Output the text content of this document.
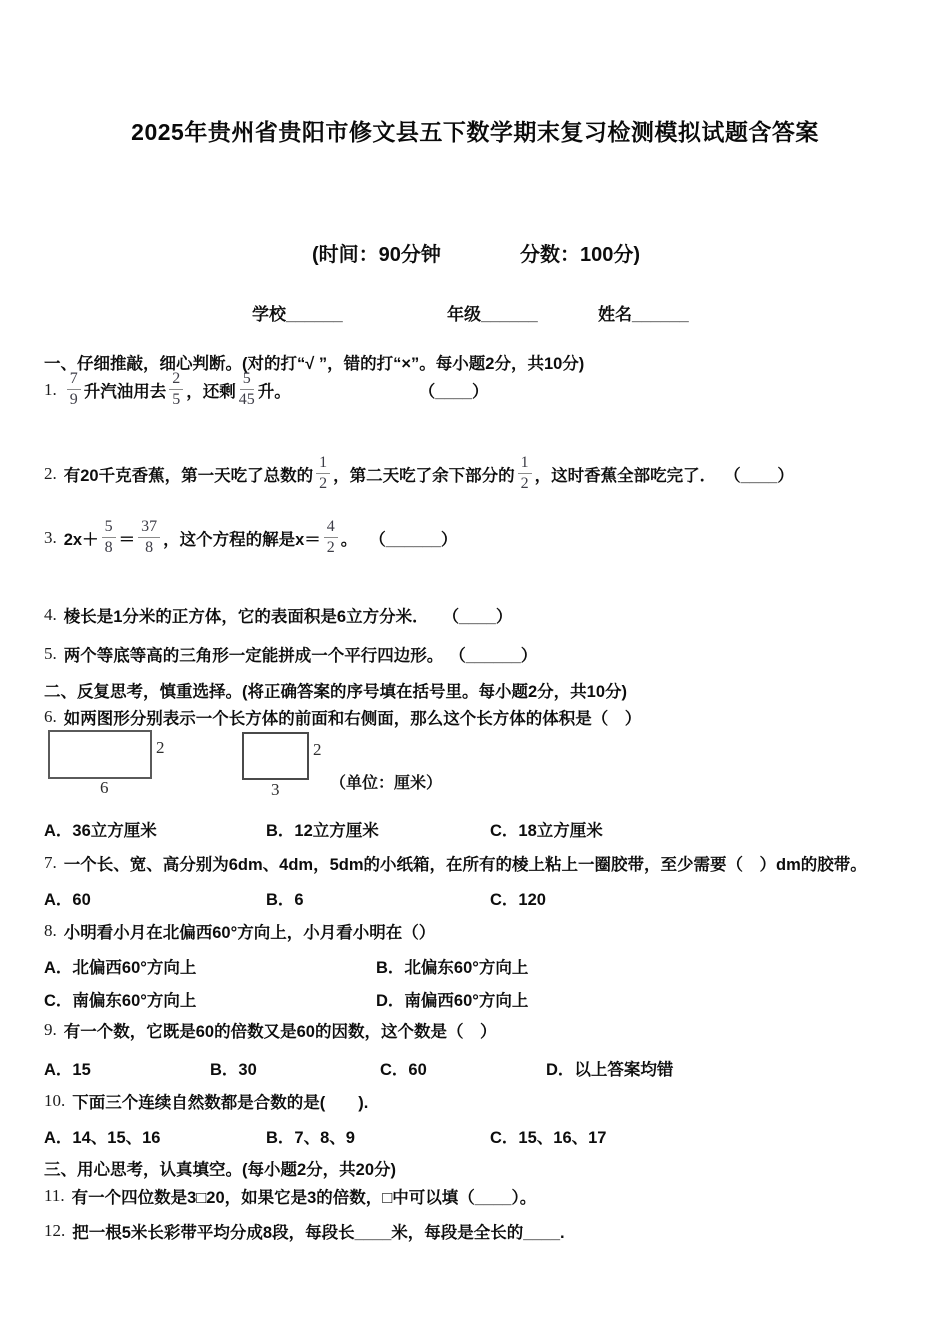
2025年贵州省贵阳市修文县五下数学期末复习检测模拟试题含答案
(时间：90分钟	分数：100分)
学校______	年级______	姓名______
一、仔细推敲，细心判断。(对的打“√ ”，错的打“×”。每小题2分，共10分)
1. $\frac{7}{9}$ 升汽油用去 $\frac{2}{5}$ ，还剩 $\frac{5}{45}$ 升。	（____）
2. 有20千克香蕉，第一天吃了总数的 $\frac{1}{2}$ ，第二天吃了余下部分的 $\frac{1}{2}$ ，这时香蕉全部吃完了． （____）
3. $2x+ \frac{5}{8} = \frac{37}{8}$ ，这个方程的解是$x= \frac{4}{2}$ 。 （______）
4. 棱长是1分米的正方体，它的表面积是6立方分米． （____）
5. 两个等底等高的三角形一定能拼成一个平行四边形。 （______）
二、反复思考，慎重选择。(将正确答案的序号填在括号里。每小题2分，共10分)
6. 如两图形分别表示一个长方体的前面和右侧面，那么这个长方体的体积是（　）
2
6
2
3	（单位：厘米）
A．36立方厘米	B．12立方厘米	C．18立方厘米
7. 一个长、宽、高分别为6dm、4dm，5dm的小纸箱，在所有的棱上粘上一圈胶带，至少需要（　）dm的胶带。
A．60	B．6	C．120
8. 小明看小月在北偏西60°方向上，小月看小明在（）
A．北偏西60°方向上	B．北偏东60°方向上
C．南偏东60°方向上	D．南偏西60°方向上
9. 有一个数，它既是60的倍数又是60的因数，这个数是（　）
A．15	B．30	C．60	D．以上答案均错
10. 下面三个连续自然数都是合数的是(　　).
A．14、15、16	B．7、8、9	C．15、16、17
三、用心思考，认真填空。(每小题2分，共20分)
11. 有一个四位数是3□20，如果它是3的倍数，□中可以填（____）。
12. 把一根5米长彩带平均分成8段，每段长____米，每段是全长的____.
